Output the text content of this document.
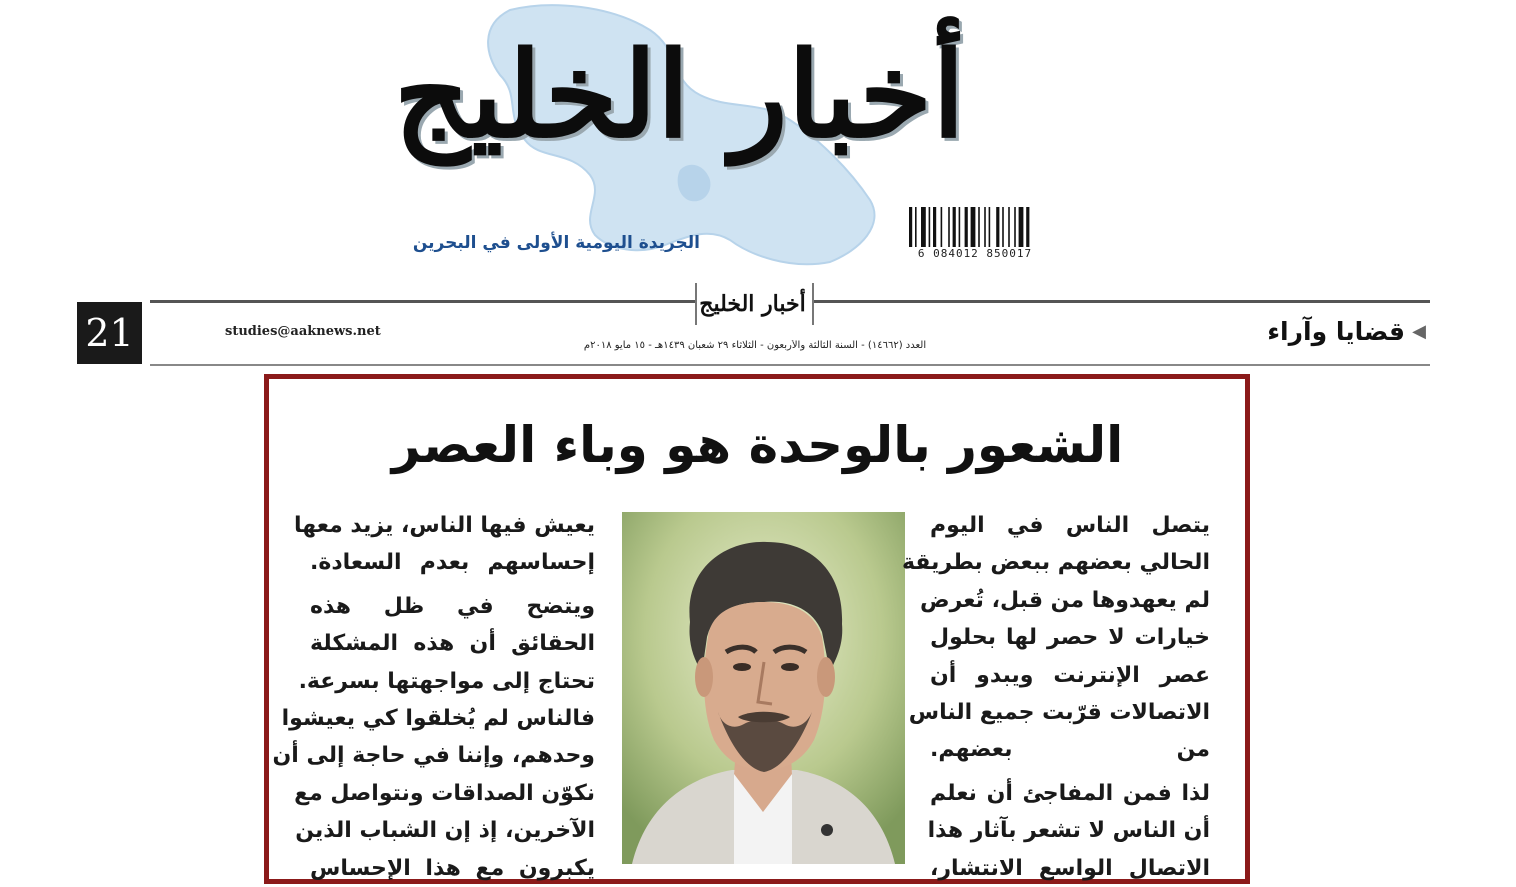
أخبار الخليج
الجريدة اليومية الأولى في البحرين
6 084012 850017
أخبار الخليج
21	studies@aaknews.net
العدد (١٤٦٦٢) - السنة الثالثة والأربعون - الثلاثاء ٢٩ شعبان ١٤٣٩هـ - ١٥ مايو ٢٠١٨م	قضايا وآراء ◀
الشعور بالوحدة هو وباء العصر

يتصل الناس في اليوم
الحالي بعضهم ببعض بطريقة
لم يعهدوها من قبل، تُعرض
خيارات لا حصر لها بحلول
عصر الإنترنت ويبدو أن
الاتصالات قرّبت جميع الناس
من بعضهم.

لذا فمن المفاجئ أن نعلم
أن الناس لا تشعر بآثار هذا
الاتصال الواسع الانتشار،

يعيش فيها الناس، يزيد معها
إحساسهم بعدم السعادة.

ويتضح في ظل هذه
الحقائق أن هذه المشكلة
تحتاج إلى مواجهتها بسرعة.
فالناس لم يُخلقوا كي يعيشوا
وحدهم، وإننا في حاجة إلى أن
نكوّن الصداقات ونتواصل مع
الآخرين، إذ إن الشباب الذين
يكبرون مع هذا الإحساس
